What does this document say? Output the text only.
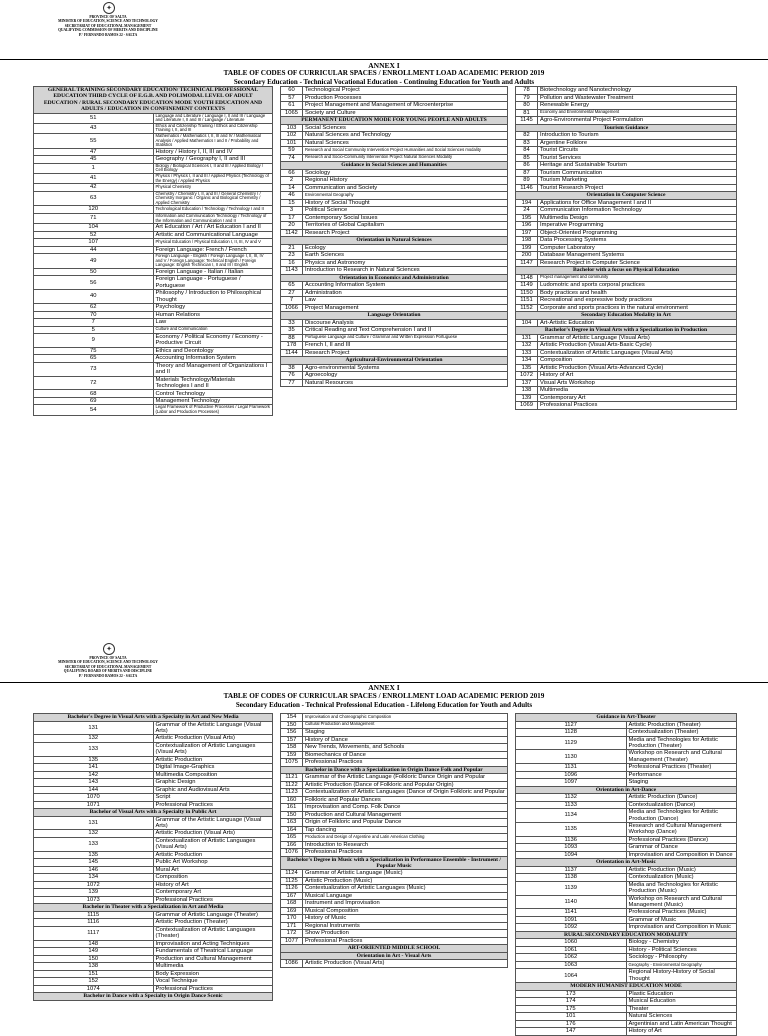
✦
PROVINCE OF SALTA
MINISTER OF EDUCATION, SCIENCE AND TECHNOLOGY
SECRETARIAT OF EDUCATIONAL MANAGEMENT
QUALIFYING COMMISSION OF MERITS AND DISCIPLINE
P.° FERNANDO BAMOS 22 - SALTA
ANNEX I
TABLE OF CODES OF CURRICULAR SPACES / ENROLLMENT LOAD ACADEMIC PERIOD 2019
Secondary Education - Technical Vocational Education - Continuing Education for Youth and Adults
GENERAL TRAINING SECONDARY EDUCATION/ TECHNICAL PROFESSIONAL EDUCATION THIRD CYCLE OF E.G.B. AND POLIMODAL LEVEL OF ADULT EDUCATION / RURAL SECONDARY EDUCATION MODE YOUTH EDUCATION AND ADULTS / EDUCATION IN CONFINEMENT CONTEXTS	
51	Language and Literature / Language I, II and III / Language and Literature I, II and III / Language / Literature
43	Ethics and Citizenship Training / Ethics and Citizenship Training I, II, and III
55	Mathematics / Mathematics I, II, III and IV / Mathematical Analysis / Applied Mathematics I and II / Probability and Statistics
47	History / History I, II, III and IV
45	Geography / Geography I, II and III
1	Biology / Biological Sciences I, II and III / Applied Biology / Cell Biology
41	Physics / Physics I, II and III / Applied Physics (Technology of the Energy) / Applied Physics
42	Physical Chemistry
63	Chemistry / Chemistry I, II, and III / General Chemistry I / Chemistry Inorganic / Organic and Biological Chemistry / Applied Chemistry
120	Technological Education / Technology / Technology I and II
71	Information and Communication Technology / Technology of the Information and Communication I and II
104	Art Education / Art / Art Education I and II
52	Artistic and Communicational Language
107	Physical Education / Physical Education I, II, III, IV and V
44	Foreign Language: French / French
49	Foreign Language - English / Foreign Language I, II, III, IV and V / Foreign Language: Technical English / Foreign Language: English Technician I, II and III / English
50	Foreign Language - Italian / Italian
56	Foreign Language - Portuguese / Portuguese
40	Philosophy / Introduction to Philosophical Thought
62	Psychology
70	Human Relations
7	Law
5	Culture and Communication
9	Economy / Political Economy / Economy - Productive Circuit
75	Ethics and Deontology
65	Accounting Information System
73	Theory and Management of Organizations I and II
72	Materials Technology/Materials Technologies I and II
68	Control Technology
69	Management Technology
54	Legal Framework of Productive Processes / Legal Framework (Labor and Production Processes)
60	Technological Project
57	Production Processes
61	Project Management and Management of Microenterprise
1065	Society and Culture
PERMANENT EDUCATION MODE FOR YOUNG PEOPLE AND ADULTS	
103	Social Sciences
102	Natural Sciences and Technology
101	Natural Sciences
59	Research and Social Community Intervention Project Humanities and Social Sciences modality
74	Research and Socio-Community Intervention Project Natural Sciences Modality
Guidance in Social Sciences and Humanities	
66	Sociology
2	Regional History
14	Communication and Society
46	Environmental Geography
15	History of Social Thought
3	Political Science
17	Contemporary Social Issues
20	Territories of Global Capitalism
1142	Research Project
Orientation in Natural Sciences	
21	Ecology
23	Earth Sciences
16	Physics and Astronomy
1143	Introduction to Research in Natural Sciences
Orientation in Economics and Administration	
65	Accounting Information System
27	Administration
7	Law
1066	Project Management
Language Orientation	
33	Discourse Analysis
35	Critical Reading and Text Comprehension I and II
88	Portuguese Language and Culture / Grammar and Written Expression Portuguese
178	French I, II and III
1144	Research Project
Agricultural-Environmental Orientation	
38	Agro-environmental Systems
76	Agroecology
77	Natural Resources
78	Biotechnology and Nanotechnology
79	Pollution and Wastewater Treatment
80	Renewable Energy
81	Economy and Environmental Management
1145	Agro-Environmental Project Formulation
Tourism Guidance	
82	Introduction to Tourism
83	Argentine Folklore
84	Tourist Circuits
85	Tourist Services
86	Heritage and Sustainable Tourism
87	Tourism Communication
89	Tourism Marketing
1146	Tourist Research Project
Orientation in Computer Science	
194	Applications for Office Management I and II
24	Communication Information Technology
195	Multimedia Design
196	Imperative Programming
197	Object-Oriented Programming
198	Data Processing Systems
199	Computer Laboratory
200	Database Management Systems
1147	Research Project in Computer Science
Bachelor with a focus on Physical Education	
1148	Project management and community
1149	Ludomotric and sports corporal practices
1150	Body practices and health
1151	Recreational and expressive body practices
1152	Corporate and sports practices in the natural environment
Secondary Education Modality in Art	
104	Art-Artistic Education
Bachelor's Degree in Visual Arts with a Specialization in Production	
131	Grammar of Artistic Language (Visual Arts)
132	Artistic Production (Visual Arts-Basic Cycle)
133	Contextualization of Artistic Languages (Visual Arts)
134	Composition
135	Artistic Production (Visual Arts-Advanced Cycle)
1072	History of Art
137	Visual Arts Workshop
138	Multimedia
139	Contemporary Art
1069	Professional Practices
✦
PROVINCE OF SALTA
MINISTER OF EDUCATION, SCIENCE AND TECHNOLOGY
SECRETARIAT OF EDUCATIONAL MANAGEMENT
QUALIFYING BOARD OF MERITS AND DISCIPLINE
P.° FERNANDO BAMOS 22 - SALTA
ANNEX I
TABLE OF CODES OF CURRICULAR SPACES / ENROLLMENT LOAD ACADEMIC PERIOD 2019
Secondary Education - Technical Professional Education - Lifelong Education for Youth and Adults
Bachelor's Degree in Visual Arts with a Specialty in Art and New Media	
131	Grammar of the Artistic Language (Visual Arts)
132	Artistic Production (Visual Arts)
133	Contextualization of Artistic Languages (Visual Arts)
135	Artistic Production
141	Digital Image-Graphics
142	Multimedia Composition
143	Graphic Design
144	Graphic and Audiovisual Arts
1070	Script
1071	Professional Practices
Bachelor of Visual Arts with a Specialty in Public Art	
131	Grammar of the Artistic Language (Visual Arts)
132	Artistic Production (Visual Arts)
133	Contextualization of Artistic Languages (Visual Arts)
135	Artistic Production
145	Public Art Workshop
146	Mural Art
134	Composition
1072	History of Art
139	Contemporary Art
1073	Professional Practices
Bachelor in Theater with a Specialization in Art and Media	
1115	Grammar of Artistic Language (Theater)
1116	Artistic Production (Theater)
1117	Contextualization of Artistic Languages (Theater)
148	Improvisation and Acting Techniques
149	Fundamentals of Theatrical Language
150	Production and Cultural Management
138	Multimedia
151	Body Expression
152	Vocal Technique
1074	Professional Practices
Bachelor in Dance with a Specialty in Origin Dance Scenic	
154	Improvisation and Choreographic Composition
150	Cultural Production and Management
156	Staging
157	History of Dance
158	New Trends, Movements, and Schools
159	Biomechanics of Dance
1075	Professional Practices
Bachelor in Dance with a Specialization in Origin Dance Folk and Popular	
1121	Grammar of the Artistic Language (Folkloric Dance Origin and Popular
1122	Artistic Production (Dance of Folkloric and Popular Origin)
1123	Contextualization of Artistic Languages (Dance of Origin Folkloric and Popular
160	Folkloric and Popular Dances
161	Improvisation and Comp. Folk Dance
150	Production and Cultural Management
163	Origin of Folkloric and Popular Dance
164	Tap dancing
165	Production and Design of Argentine and Latin American Clothing
166	Introduction to Research
1076	Professional Practices
Bachelor's Degree in Music with a Specialization in Performance Ensemble - Instrument / Popular Music	
1124	Grammar of Artistic Language (Music)
1125	Artistic Production (Music)
1126	Contextualization of Artistic Languages (Music)
167	Musical Language
168	Instrument and Improvisation
169	Musical Composition
170	History of Music
171	Regional Instruments
172	Show Production
1077	Professional Practices
ART-ORIENTED MIDDLE SCHOOL	
Orientation in Art - Visual Arts	
1086	Artistic Production (Visual Arts)
Guidance in Art-Theater	
1127	Artistic Production (Theater)
1128	Contextualization (Theater)
1129	Media and Technologies for Artistic Production (Theater)
1130	Workshop on Research and Cultural Management (Theater)
1131	Professional Practices (Theater)
1096	Performance
1097	Staging
Orientation in Art-Dance	
1132	Artistic Production (Dance)
1133	Contextualization (Dance)
1134	Media and Technologies for Artistic Production (Dance)
1135	Research and Cultural Management Workshop (Dance)
1136	Professional Practices (Dance)
1093	Grammar of Dance
1094	Improvisation and Composition in Dance
Orientation in Art-Music	
1137	Artistic Production (Music)
1138	Contextualization (Music)
1139	Media and Technologies for Artistic Production (Music)
1140	Workshop on Research and Cultural Management (Music)
1141	Professional Practices (Music)
1091	Grammar of Music
1092	Improvisation and Composition in Music
RURAL SECONDARY EDUCATION MODALITY	
1060	Biology - Chemistry
1061	History - Political Sciences
1062	Sociology - Philosophy
1063	Geography - Environmental Geography
1064	Regional History-History of Social Thought
MODERN HUMANIST EDUCATION MODE	
173	Plastic Education
174	Musical Education
175	Theater
101	Natural Sciences
176	Argentinian and Latin American Thought
147	History of Art
